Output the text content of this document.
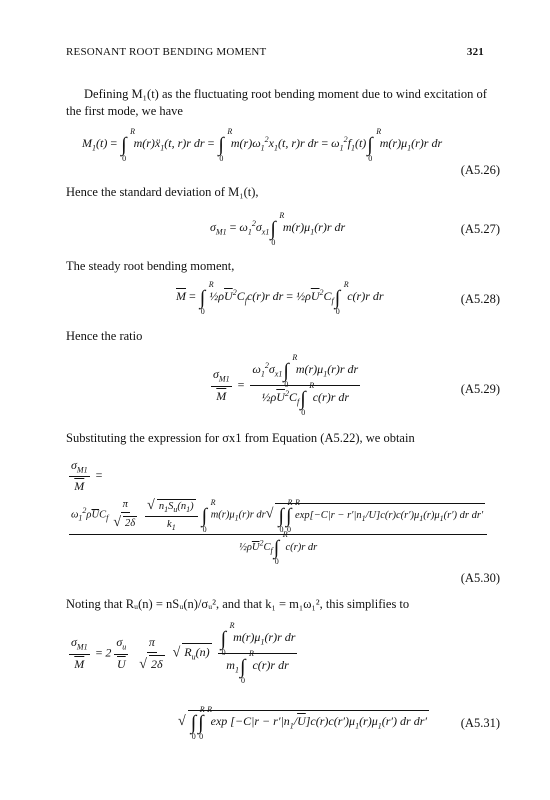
RESONANT ROOT BENDING MOMENT	321
Defining M₁(t) as the fluctuating root bending moment due to wind excitation of the first mode, we have
$M_1(t)$ = ∫
R
0
$m(r)ẍ_1(t$, r)r dr = ∫
R
0
$m(r)\omega_1^2x_1(t$, r)r dr = $\omega_1^2f_1(t)\int$
R
0
$m(r)\mu_1(r)r$ dr
(A5.26)
Hence the standard deviation of M₁(t),
$\sigma_{M1} = \omega_1^2\sigma_{x1}\int$
R
0
$m(r)\mu_1(r)r$ dr	(A5.27)
The steady root bending moment,
$\overline{M}$ = ∫
R
0
$\frac{1}{2}\rho\overline{U}^2C_fc(r)r$ dr = $\frac{1}{2}\rho\overline{U}^2C_f\int$
R
0
c(r)r dr	(A5.28)
Hence the ratio
$\frac{\sigma_{M1}}{M} = \omega_1^2\sigma_{x1}\int$
R
0
$m(r)\mu_1(r)r$ dr
$\frac{1}{2}\rho\overline{U}^2C_f\int$
R
0
c(r)r dr	(A5.29)
Substituting the expression for σx1 from Equation (A5.22), we obtain
$\frac{\sigma_{M1}}{M}$ =
$\omega_1^2\rho\overline{U}C_f \frac{\pi}{√ 2\delta} \frac{√ n_1S_u(n_1)}{k_1}$ ∫
R
0
$m(r)\mu_1(r)r$ dr√ ∫
R
0
∫
R
0
$\exp[-C|r - r'|n_1/U]c(r)c(r')\mu_1(r)\mu_1(r')$ dr dr′
$\frac{1}{2}\rho\overline{U}^2C_f\int$
R
0
c(r)r dr
(A5.30)
Noting that Rᵤ(n) = nSᵤ(n)/σᵤ², and that k₁ = m₁ω₁², this simplifies to
$\frac{\sigma_{M1}}{M} = 2 \frac{\sigma_u}{U}$
$\frac{\pi}{√ 2\delta}$ √ $R_u(n)$ ∫
R
0
$m(r)\mu_1(r)r$ dr
$m_1\int$
R
0
c(r)r dr
√ ∫
R
0
∫
R
0
$\exp [-C|r - r'|n_1/\overline{U}]c(r)c(r')\mu_1(r)\mu_1(r')$ dr dr′	(A5.31)
